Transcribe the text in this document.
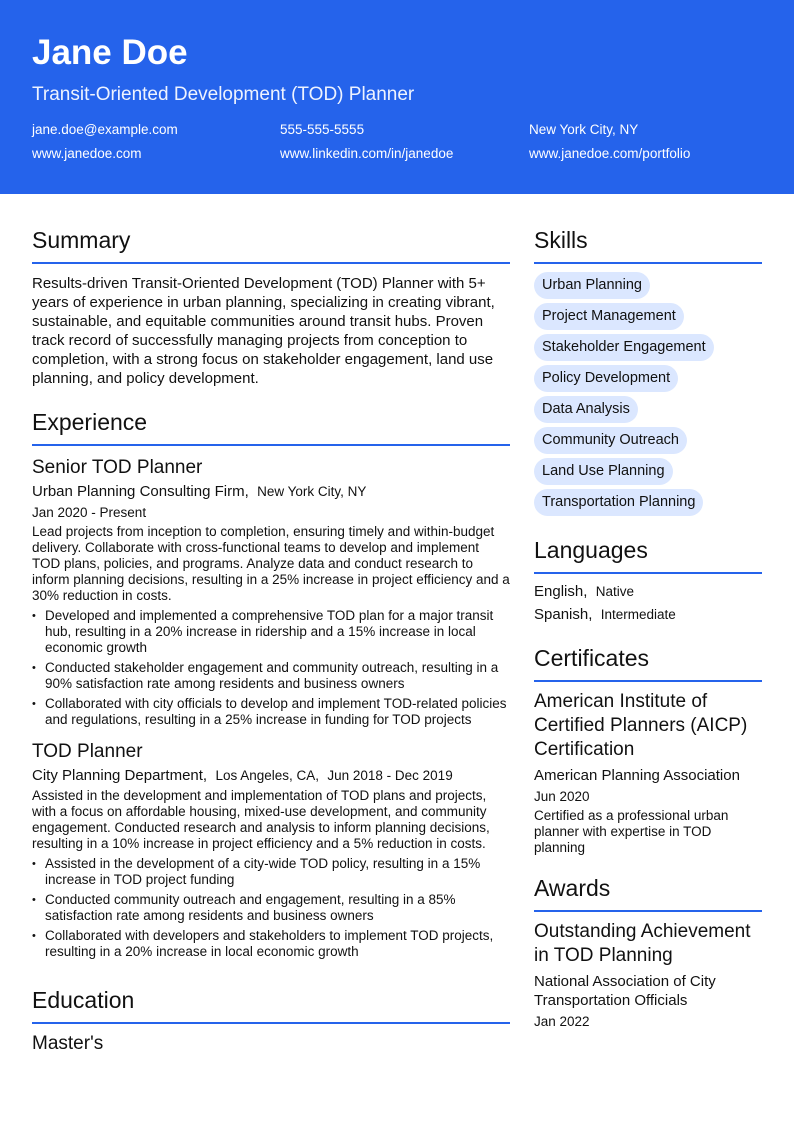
Jane Doe
Transit-Oriented Development (TOD) Planner
jane.doe@example.com	555-555-5555	New York City, NY
www.janedoe.com	www.linkedin.com/in/janedoe	www.janedoe.com/portfolio
Summary
Results-driven Transit-Oriented Development (TOD) Planner with 5+ years of experience in urban planning, specializing in creating vibrant, sustainable, and equitable communities around transit hubs. Proven track record of successfully managing projects from conception to completion, with a strong focus on stakeholder engagement, land use planning, and policy development.
Experience
Senior TOD Planner
Urban Planning Consulting Firm, New York City, NY
Jan 2020 - Present
Lead projects from inception to completion, ensuring timely and within-budget delivery. Collaborate with cross-functional teams to develop and implement TOD plans, policies, and programs. Analyze data and conduct research to inform planning decisions, resulting in a 25% increase in project efficiency and a 30% reduction in costs.
• Developed and implemented a comprehensive TOD plan for a major transit hub, resulting in a 20% increase in ridership and a 15% increase in local economic growth
• Conducted stakeholder engagement and community outreach, resulting in a 90% satisfaction rate among residents and business owners
• Collaborated with city officials to develop and implement TOD-related policies and regulations, resulting in a 25% increase in funding for TOD projects
TOD Planner
City Planning Department, Los Angeles, CA, Jun 2018 - Dec 2019
Assisted in the development and implementation of TOD plans and projects, with a focus on affordable housing, mixed-use development, and community engagement. Conducted research and analysis to inform planning decisions, resulting in a 10% increase in project efficiency and a 5% reduction in costs.
• Assisted in the development of a city-wide TOD policy, resulting in a 15% increase in TOD project funding
• Conducted community outreach and engagement, resulting in a 85% satisfaction rate among residents and business owners
• Collaborated with developers and stakeholders to implement TOD projects, resulting in a 20% increase in local economic growth
Education
Master's
Skills
Urban Planning
Project Management
Stakeholder Engagement
Policy Development
Data Analysis
Community Outreach
Land Use Planning
Transportation Planning
Languages
English, Native
Spanish, Intermediate
Certificates
American Institute of Certified Planners (AICP) Certification
American Planning Association
Jun 2020
Certified as a professional urban planner with expertise in TOD planning
Awards
Outstanding Achievement in TOD Planning
National Association of City Transportation Officials
Jan 2022
